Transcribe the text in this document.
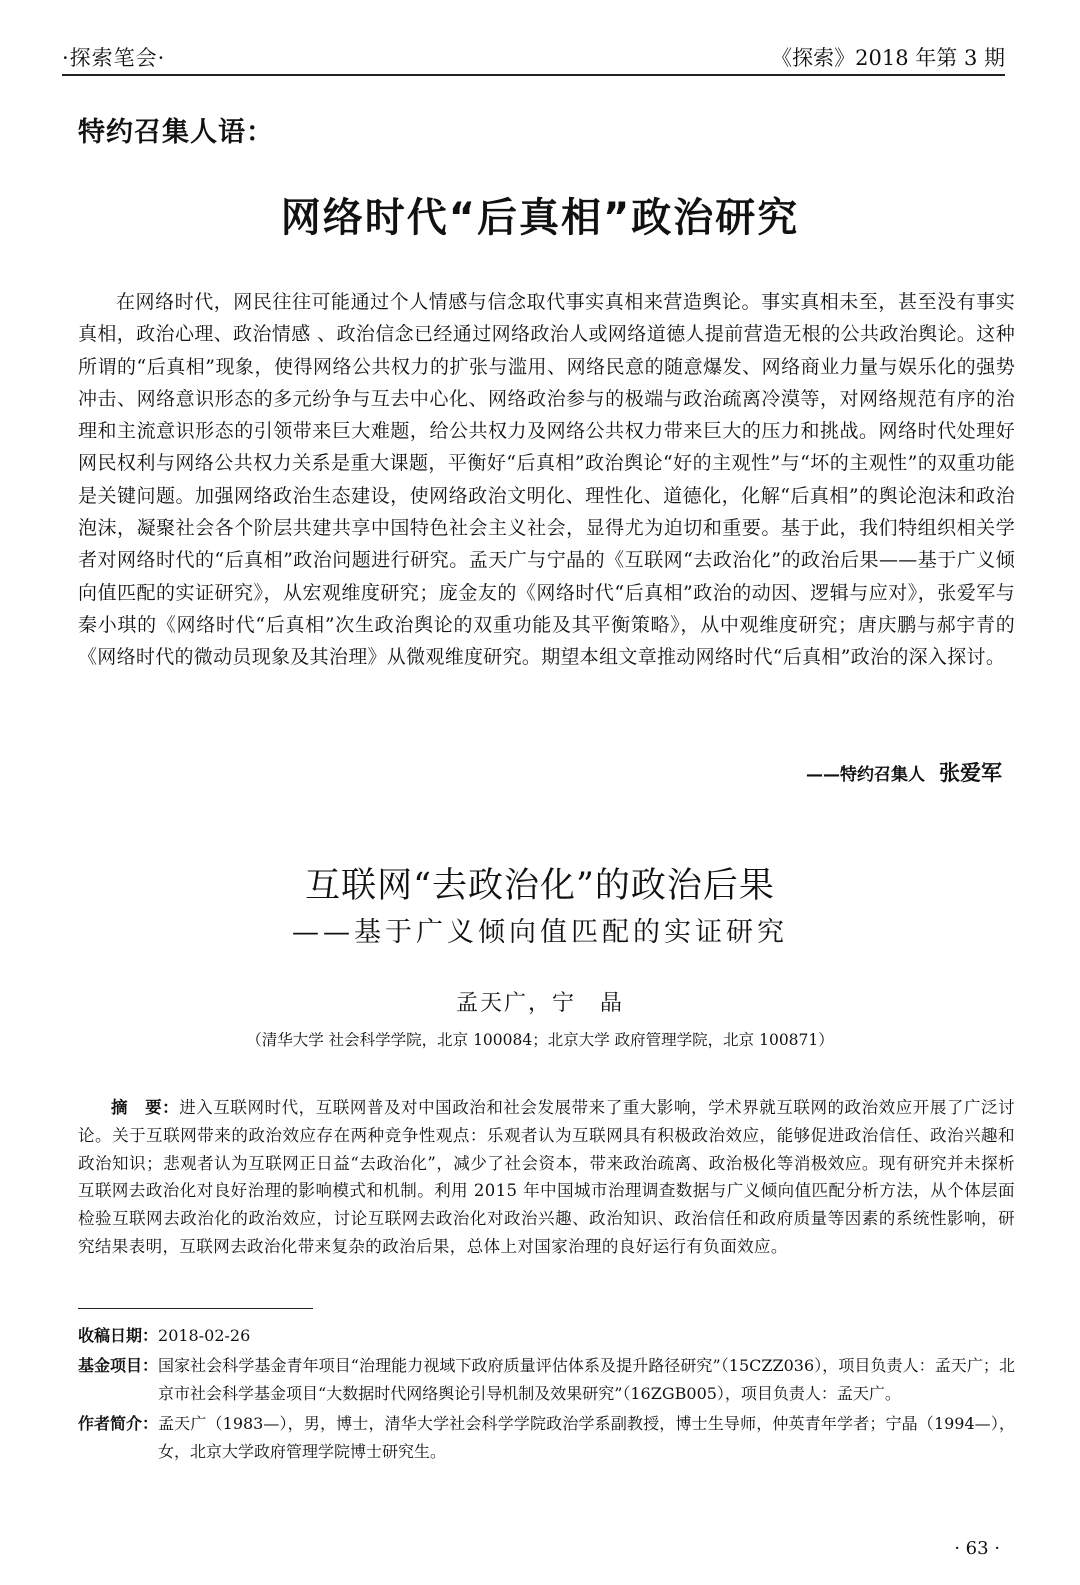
·探索笔会·	《探索》2018 年第 3 期
特约召集人语：
网络时代“后真相”政治研究
在网络时代，网民往往可能通过个人情感与信念取代事实真相来营造舆论。事实真相未至，甚至没有事实真相，政治心理、政治情感 、政治信念已经通过网络政治人或网络道德人提前营造无根的公共政治舆论。这种所谓的“后真相”现象，使得网络公共权力的扩张与滥用、网络民意的随意爆发、网络商业力量与娱乐化的强势冲击、网络意识形态的多元纷争与互去中心化、网络政治参与的极端与政治疏离冷漠等，对网络规范有序的治理和主流意识形态的引领带来巨大难题，给公共权力及网络公共权力带来巨大的压力和挑战。网络时代处理好网民权利与网络公共权力关系是重大课题，平衡好“后真相”政治舆论“好的主观性”与“坏的主观性”的双重功能是关键问题。加强网络政治生态建设，使网络政治文明化、理性化、道德化，化解“后真相”的舆论泡沫和政治泡沫，凝聚社会各个阶层共建共享中国特色社会主义社会，显得尤为迫切和重要。基于此，我们特组织相关学者对网络时代的“后真相”政治问题进行研究。孟天广与宁晶的《互联网“去政治化”的政治后果——基于广义倾向值匹配的实证研究》，从宏观维度研究；庞金友的《网络时代“后真相”政治的动因、逻辑与应对》，张爱军与秦小琪的《网络时代“后真相”次生政治舆论的双重功能及其平衡策略》，从中观维度研究；唐庆鹏与郝宇青的《网络时代的微动员现象及其治理》从微观维度研究。期望本组文章推动网络时代“后真相”政治的深入探讨。
——特约召集人 张爱军
互联网“去政治化”的政治后果
——基于广义倾向值匹配的实证研究
孟天广，宁　晶
（清华大学 社会科学学院，北京 100084；北京大学 政府管理学院，北京 100871）
摘　要：进入互联网时代，互联网普及对中国政治和社会发展带来了重大影响，学术界就互联网的政治效应开展了广泛讨论。关于互联网带来的政治效应存在两种竞争性观点：乐观者认为互联网具有积极政治效应，能够促进政治信任、政治兴趣和政治知识；悲观者认为互联网正日益“去政治化”，减少了社会资本，带来政治疏离、政治极化等消极效应。现有研究并未探析互联网去政治化对良好治理的影响模式和机制。利用 2015 年中国城市治理调查数据与广义倾向值匹配分析方法，从个体层面检验互联网去政治化的政治效应，讨论互联网去政治化对政治兴趣、政治知识、政治信任和政府质量等因素的系统性影响，研究结果表明，互联网去政治化带来复杂的政治后果，总体上对国家治理的良好运行有负面效应。
收稿日期： 2018-02-26
基金项目： 国家社会科学基金青年项目“治理能力视域下政府质量评估体系及提升路径研究”（15CZZ036），项目负责人：孟天广；北京市社会科学基金项目“大数据时代网络舆论引导机制及效果研究”（16ZGB005），项目负责人：孟天广。
作者简介： 孟天广（1983—），男，博士，清华大学社会科学学院政治学系副教授，博士生导师，仲英青年学者；宁晶（1994—），女，北京大学政府管理学院博士研究生。
· 63 ·
